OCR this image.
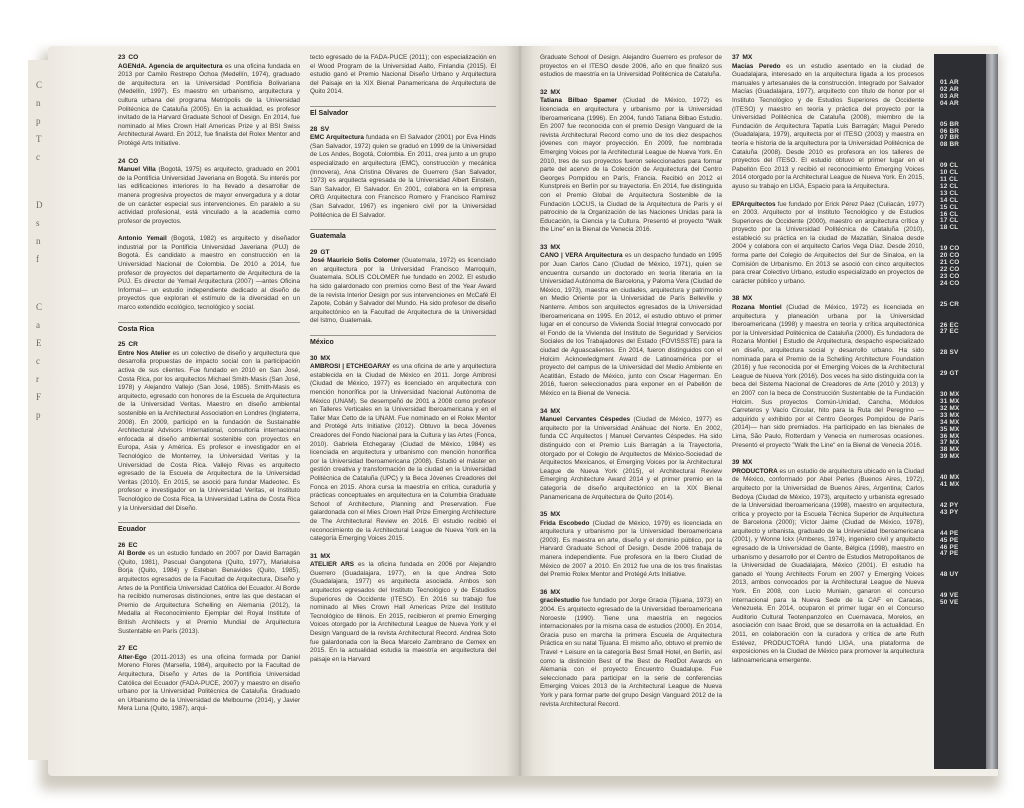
C
n
p
T
c
D
s
n
f
C
a
E
c
r
F
p
23 CO

AGENdA. Agencia de arquitectura es una oficina fundada en 2013 por Camilo Restrepo Ochoa (Medellín, 1974), graduado de arquitectura en la Universidad Pontificia Bolivariana (Medellín, 1997). Es maestro en urbanismo, arquitectura y cultura urbana del programa Metrópolis de la Universidad Politécnica de Cataluña (2005). En la actualidad, es profesor invitado de la Harvard Graduate School of Design. En 2014, fue nominado al Mies Crown Hall Americas Prize y al BSI Swiss Architectural Award. En 2012, fue finalista del Rolex Mentor and Protégé Arts Initiative.

24 CO

Manuel Villa (Bogotá, 1975) es arquitecto, graduado en 2001 de la Pontificia Universidad Javeriana en Bogotá. Su interés por las edificaciones interiores lo ha llevado a desarrollar de manera progresiva proyectos de mayor envergadura y a dotar de un carácter especial sus intervenciones. En paralelo a su actividad profesional, está vinculado a la academia como profesor de proyectos.

Antonio Yemail (Bogotá, 1982) es arquitecto y diseñador industrial por la Pontificia Universidad Javeriana (PUJ) de Bogotá. Es candidato a maestro en construcción en la Universidad Nacional de Colombia. De 2010 a 2014, fue profesor de proyectos del departamento de Arquitectura de la PUJ. Es director de Yemail Arquitectura (2007) —antes Oficina Informal— un estudio independiente dedicado al diseño de proyectos que exploran el estímulo de la diversidad en un marco extendido ecológico, tecnológico y social.

Costa Rica
25 CR

Entre Nos Atelier es un colectivo de diseño y arquitectura que desarrolla propuestas de impacto social con la participación activa de sus clientes. Fue fundado en 2010 en San José, Costa Rica, por los arquitectos Michael Smith-Masis (San José, 1978) y Alejandro Vallejo (San José, 1985). Smith-Masis es arquitecto, egresado con honores de la Escuela de Arquitectura de la Universidad Veritas. Maestro en diseño ambiental sostenible en la Architectural Association en Londres (Inglaterra, 2008). En 2009, participó en la fundación de Sustainable Architectural Advisors International, consultoría internacional enfocada al diseño ambiental sostenible con proyectos en Europa, Asia y América. Es profesor e investigador en el Tecnológico de Monterrey, la Universidad Veritas y la Universidad de Costa Rica. Vallejo Rivas es arquitecto egresado de la Escuela de Arquitectura de la Universidad Veritas (2010). En 2015, se asoció para fundar Madeotec. Es profesor e investigador en la Universidad Veritas, el Instituto Tecnológico de Costa Rica, la Universidad Latina de Costa Rica y la Universidad del Diseño.

Ecuador
26 EC

Al Borde es un estudio fundado en 2007 por David Barragán (Quito, 1981), Pascual Gangotena (Quito, 1977), Marialuisa Borja (Quito, 1984) y Esteban Benavides (Quito, 1985), arquitectos egresados de la Facultad de Arquitectura, Diseño y Artes de la Pontificia Universidad Católica del Ecuador. Al Borde ha recibido numerosas distinciones, entre las que destacan el Premio de Arquitectura Schelling en Alemania (2012), la Medalla al Reconocimiento Ejemplar del Royal Institute of British Architects y el Premio Mundial de Arquitectura Sustentable en París (2013).

27 EC

Alter-Ego (2011-2013) es una oficina formada por Daniel Moreno Flores (Marsella, 1984), arquitecto por la Facultad de Arquitectura, Diseño y Artes de la Pontificia Universidad Católica del Ecuador (FADA-PUCE, 2007) y maestro en diseño urbano por la Universidad Politécnica de Cataluña. Graduado en Urbanismo de la Universidad de Melbourne (2014), y Javier Mera Luna (Quito, 1987), arqui-

tecto egresado de la FADA-PUCE (2011); con especialización en el Wood Program de la Universidad Aalto, Finlandia (2015). El estudio ganó el Premio Nacional Diseño Urbano y Arquitectura del Paisaje en la XIX Bienal Panamericana de Arquitectura de Quito 2014.

El Salvador
28 SV

EMC Arquitectura fundada en El Salvador (2001) por Eva Hinds (San Salvador, 1972) quien se graduó en 1999 de la Universidad de Los Andes, Bogotá, Colombia. En 2011, crea junto a un grupo especializado en arquitectura (EMC), construcción y mecánica (Innovera), Ana Cristina Olivares de Guerrero (San Salvador, 1973) es arquitecta egresada de la Universidad Albert Einstein, San Salvador, El Salvador. En 2001, colabora en la empresa ORG Arquitectura con Francisco Romero y Francisco Ramírez (San Salvador, 1967) es ingeniero civil por la Universidad Politécnica de El Salvador.

Guatemala
29 GT

José Mauricio Solís Colomer (Guatemala, 1972) es licenciado en arquitectura por la Universidad Francisco Marroquín, Guatemala. SOLIS COLOMER fue fundado en 2002. El estudio ha sido galardonado con premios como Best of the Year Award de la revista Interior Design por sus intervenciones en McCafé El Zapote, Cobán y Salvador del Mundo. Ha sido profesor de diseño arquitectónico en la Facultad de Arquitectura de la Universidad del Istmo, Guatemala.

México
30 MX

AMBROSI | ETCHEGARAY es una oficina de arte y arquitectura establecida en la Ciudad de México en 2011. Jorge Ambrosi (Ciudad de México, 1977) es licenciado en arquitectura con mención honorífica por la Universidad Nacional Autónoma de México (UNAM). Se desempeñó de 2001 a 2008 como profesor en Talleres Verticales en la Universidad Iberoamericana y en el Taller Max Cetto de la UNAM. Fue nominado en el Rolex Mentor and Protégé Arts Initiative (2012). Obtuvo la beca Jóvenes Creadores del Fondo Nacional para la Cultura y las Artes (Fonca, 2010). Gabriela Etchegaray (Ciudad de México, 1984) es licenciada en arquitectura y urbanismo con mención honorífica por la Universidad Iberoamericana (2008). Estudió el máster en gestión creativa y transformación de la ciudad en la Universidad Politécnica de Cataluña (UPC) y la Beca Jóvenes Creadores del Fonca en 2015. Ahora cursa la maestría en crítica, curaduría y prácticas conceptuales en arquitectura en la Columbia Graduate School of Architecture, Planning and Preservation. Fue galardonada con el Mies Crown Hall Prize Emerging Architecture de The Architectural Review en 2016. El estudio recibió el reconocimiento de la Architectural League de Nueva York en la categoría Emerging Voices 2015.

31 MX

ATELIER ARS es la oficina fundada en 2006 por Alejandro Guerrero (Guadalajara, 1977), en la que Andrea Soto (Guadalajara, 1977) es arquitecta asociada. Ambos son arquitectos egresados del Instituto Tecnológico y de Estudios Superiores de Occidente (ITESO). En 2016 su trabajo fue nominado al Mies Crown Hall Americas Prize del Instituto Tecnológico de Illinois. En 2015, recibieron el premio Emerging Voices otorgado por la Architectural League de Nueva York y el Design Vanguard de la revista Architectural Record. Andrea Soto fue galardonada con la Beca Marcelo Zambrano de Cemex en 2015. En la actualidad estudia la maestría en arquitectura del paisaje en la Harvard

Graduate School of Design. Alejandro Guerrero es profesor de proyectos en el ITESO desde 2006, año en que finalizó sus estudios de maestría en la Universidad Politécnica de Cataluña.

32 MX

Tatiana Bilbao Spamer (Ciudad de México, 1972) es licenciada en arquitectura y urbanismo por la Universidad Iberoamericana (1996). En 2004, fundó Tatiana Bilbao Estudio. En 2007 fue reconocida con el premio Design Vanguard de la revista Architectural Record como uno de los diez despachos jóvenes con mayor proyección. En 2009, fue nombrada Emerging Voices por la Architectural League de Nueva York. En 2010, tres de sus proyectos fueron seleccionados para formar parte del acervo de la Colección de Arquitectura del Centro Georges Pompidou en París, Francia. Recibió en 2012 el Kunstpreis en Berlín por su trayectoria. En 2014, fue distinguida con el Premio Global de Arquitectura Sostenible de la Fundación LOCUS, la Ciudad de la Arquitectura de París y el patrocinio de la Organización de las Naciones Unidas para la Educación, la Ciencia y la Cultura. Presentó el proyecto "Walk the Line" en la Bienal de Venecia 2016.

33 MX

CANO | VERA Arquitectura es un despacho fundado en 1995 por Juan Carlos Cano (Ciudad de México, 1971), quien se encuentra cursando un doctorado en teoría literaria en la Universidad Autónoma de Barcelona, y Paloma Vera (Ciudad de México, 1973), maestra en ciudades, arquitectura y patrimonio en Medio Oriente por la Universidad de París Belleville y Nanterre. Ambos son arquitectos egresados de la Universidad Iberoamericana en 1995. En 2012, el estudio obtuvo el primer lugar en el concurso de Vivienda Social Integral convocado por el Fondo de la Vivienda del Instituto de Seguridad y Servicios Sociales de los Trabajadores del Estado (FOVISSSTE) para la ciudad de Aguascalientes. En 2014, fueron distinguidos con el Holcim Acknowledgment Award de Latinoamérica por el proyecto del campus de la Universidad del Medio Ambiente en Acatitlán, Estado de México, junto con Oscar Hagerman. En 2016, fueron seleccionados para exponer en el Pabellón de México en la Bienal de Venecia.

34 MX

Manuel Cervantes Céspedes (Ciudad de México, 1977) es arquitecto por la Universidad Anáhuac del Norte. En 2002, funda CC Arquitectos | Manuel Cervantes Céspedes. Ha sido distinguido con el Premio Luis Barragán a la Trayectoria, otorgado por el Colegio de Arquitectos de México-Sociedad de Arquitectos Mexicanos, el Emerging Voices por la Architectural League de Nueva York (2015), el Architectural Review Emerging Architecture Award 2014 y el primer premio en la categoría de diseño arquitectónico en la XIX Bienal Panamericana de Arquitectura de Quito (2014).

35 MX

Frida Escobedo (Ciudad de México, 1979) es licenciada en arquitectura y urbanismo por la Universidad Iberoamericana (2003). Es maestra en arte, diseño y el dominio público, por la Harvard Graduate School of Design. Desde 2006 trabaja de manera independiente. Fue profesora en la Ibero Ciudad de México de 2007 a 2010. En 2012 fue una de los tres finalistas del Premio Rolex Mentor and Protégé Arts Initiative.

36 MX

gracilestudio fue fundado por Jorge Gracia (Tijuana, 1973) en 2004. Es arquitecto egresado de la Universidad Iberoamericana Noroeste (1990). Tiene una maestría en negocios internacionales por la misma casa de estudios (2000). En 2014, Gracia puso en marcha la primera Escuela de Arquitectura Práctica en su natal Tijuana. El mismo año, obtuvo el premio de Travel + Leisure en la categoría Best Small Hotel, en Berlín, así como la distinción Best of the Best de RedDot Awards en Alemania con el proyecto Encuentro Guadalupe. Fue seleccionado para participar en la serie de conferencias Emerging Voices 2013 de la Architectural League de Nueva York y para formar parte del grupo Design Vanguard 2012 de la revista Architectural Record.

37 MX

Macías Peredo es un estudio asentado en la ciudad de Guadalajara, interesado en la arquitectura ligada a los procesos manuales y artesanales de la construcción. Integrado por Salvador Macías (Guadalajara, 1977), arquitecto con título de honor por el Instituto Tecnológico y de Estudios Superiores de Occidente (ITESO) y maestro en teoría y práctica del proyecto por la Universidad Politécnica de Cataluña (2008), miembro de la Fundación de Arquitectura Tapatía Luis Barragán; Magui Peredo (Guadalajara, 1979), arquitecta por el ITESO (2003) y maestra en teoría e historia de la arquitectura por la Universidad Politécnica de Cataluña (2008). Desde 2010 es profesora en los talleres de proyectos del ITESO. El estudio obtuvo el primer lugar en el Pabellón Eco 2013 y recibió el reconocimiento Emerging Voices 2014 otorgado por la Architectural League de Nueva York. En 2015, ayuso su trabajo en LIGA, Espacio para la Arquitectura.

EPArquitectos fue fundado por Erick Pérez Páez (Culiacán, 1977) en 2003. Arquitecto por el Instituto Tecnológico y de Estudios Superiores de Occidente (2000), maestro en arquitectura crítica y proyecto por la Universidad Politécnica de Cataluña (2010), estableció su práctica en la ciudad de Mazatlán, Sinaloa desde 2004 y colabora con el arquitecto Carlos Vega Díaz. Desde 2010, forma parte del Colegio de Arquitectos del Sur de Sinaloa, en la Comisión de Urbanismo. En 2013 se asoció con cinco arquitectos para crear Colectivo Urbano, estudio especializado en proyectos de carácter público y urbano.

38 MX

Rozana Montiel (Ciudad de México, 1972) es licenciada en arquitectura y planeación urbana por la Universidad Iberoamericana (1998) y maestra en teoría y crítica arquitectónica por la Universidad Politécnica de Cataluña (2000). Es fundadora de Rozana Montiel | Estudio de Arquitectura, despacho especializado en diseño, arquitectura social y desarrollo urbano. Ha sido nominada para el Premio de la Schelling Architecture Foundation (2016) y fue reconocida por el Emerging Voices de la Architectural League de Nueva York (2016). Dos veces ha sido distinguida con la beca del Sistema Nacional de Creadores de Arte (2010 y 2013) y en 2007 con la beca de Construcción Sustentable de la Fundación Holcim. Sus proyectos Común-Unidad, Cancha, Módulos Carreteros y Vacío Circular, hito para la Ruta del Peregrino —adquirido y exhibido por el Centro Georges Pompidou de París (2014)— han sido premiados. Ha participado en las bienales de Lima, São Paulo, Rotterdam y Venecia en numerosas ocasiones. Presentó el proyecto "Walk the Line" en la Bienal de Venecia 2016.

39 MX

PRODUCTORA es un estudio de arquitectura ubicado en la Ciudad de México, conformado por Abel Perles (Buenos Aires, 1972), arquitecto por la Universidad de Buenos Aires, Argentina; Carlos Bedoya (Ciudad de México, 1973), arquitecto y urbanista egresado de la Universidad Iberoamericana (1998), maestro en arquitectura, crítica y proyecto por la Escuela Técnica Superior de Arquitectura de Barcelona (2000); Víctor Jaime (Ciudad de México, 1978), arquitecto y urbanista, graduado de la Universidad Iberoamericana (2001), y Wonne Ickx (Amberes, 1974), ingeniero civil y arquitecto egresado de la Universidad de Gante, Bélgica (1998), maestro en urbanismo y desarrollo por el Centro de Estudios Metropolitanos de la Universidad de Guadalajara, México (2001). El estudio ha ganado el Young Architects Forum en 2007 y Emerging Voices 2013, ambos convocados por la Architectural League de Nueva York. En 2008, con Lucio Muniain, ganaron el concurso internacional para la Nueva Sede de la CAF en Caracas, Venezuela. En 2014, ocuparon el primer lugar en el Concurso Auditorio Cultural Teotenpanzolco en Cuernavaca, Morelos, en asociación con Isaac Broid, que se desarrolla en la actualidad. En 2011, en colaboración con la curadora y crítica de arte Ruth Estévez, PRODUCTORA fundó LIGA, una plataforma de exposiciones en la Ciudad de México para promover la arquitectura latinoamericana emergente.

01 AR
02 AR
03 AR
04 AR
05 BR
06 BR
07 BR
08 BR
09 CL
10 CL
11 CL
12 CL
13 CL
14 CL
15 CL
16 CL
17 CL
18 CL
19 CO
20 CO
21 CO
22 CO
23 CO
24 CO
25 CR
26 EC
27 EC
28 SV
29 GT
30 MX
31 MX
32 MX
33 MX
34 MX
35 MX
36 MX
37 MX
38 MX
39 MX
40 MX
41 MX
42 PY
43 PY
44 PE
45 PE
46 PE
47 PE
48 UY
49 VE
50 VE
